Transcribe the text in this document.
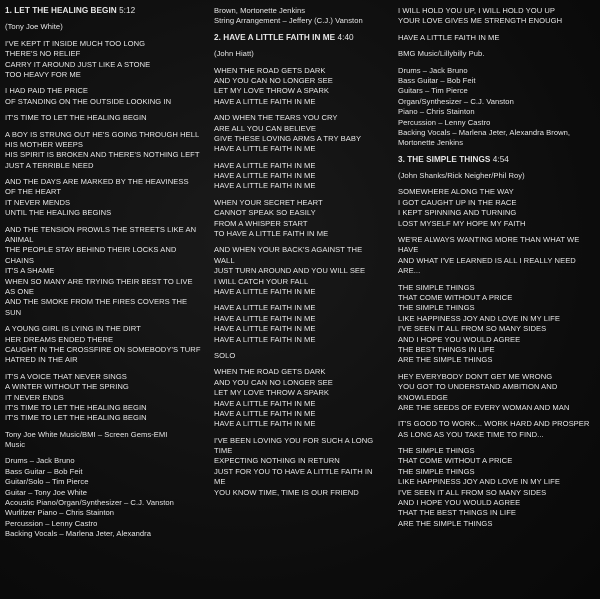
1. LET THE HEALING BEGIN 5:12
(Tony Joe White)
I'VE KEPT IT INSIDE MUCH TOO LONG
THERE'S NO RELIEF
CARRY IT AROUND JUST LIKE A STONE
TOO HEAVY FOR ME
I HAD PAID THE PRICE
OF STANDING ON THE OUTSIDE LOOKING IN
IT'S TIME TO LET THE HEALING BEGIN
A BOY IS STRUNG OUT HE'S GOING THROUGH HELL
HIS MOTHER WEEPS
HIS SPIRIT IS BROKEN AND THERE'S NOTHING LEFT
JUST A TERRIBLE NEED
AND THE DAYS ARE MARKED BY THE HEAVINESS
OF THE HEART
IT NEVER MENDS
UNTIL THE HEALING BEGINS
AND THE TENSION PROWLS THE STREETS LIKE AN
ANIMAL
THE PEOPLE STAY BEHIND THEIR LOCKS AND
CHAINS
IT'S A SHAME
WHEN SO MANY ARE TRYING THEIR BEST TO LIVE
AS ONE
AND THE SMOKE FROM THE FIRES COVERS THE
SUN
A YOUNG GIRL IS LYING IN THE DIRT
HER DREAMS ENDED THERE
CAUGHT IN THE CROSSFIRE ON SOMEBODY'S TURF
HATRED IN THE AIR
IT'S A VOICE THAT NEVER SINGS
A WINTER WITHOUT THE SPRING
IT NEVER ENDS
IT'S TIME TO LET THE HEALING BEGIN
IT'S TIME TO LET THE HEALING BEGIN
Tony Joe White Music/BMI – Screen Gems-EMI
Music
Drums – Jack Bruno
Bass Guitar – Bob Feit
Guitar/Solo – Tim Pierce
Guitar – Tony Joe White
Acoustic Piano/Organ/Synthesizer – C.J. Vanston
Wurlitzer Piano – Chris Stainton
Percussion – Lenny Castro
Backing Vocals – Marlena Jeter, Alexandra
Brown, Mortonette Jenkins
String Arrangement – Jeffery (C.J.) Vanston
2. HAVE A LITTLE FAITH IN ME 4:40
(John Hiatt)
WHEN THE ROAD GETS DARK
AND YOU CAN NO LONGER SEE
LET MY LOVE THROW A SPARK
HAVE A LITTLE FAITH IN ME
AND WHEN THE TEARS YOU CRY
ARE ALL YOU CAN BELIEVE
GIVE THESE LOVING ARMS A TRY BABY
HAVE A LITTLE FAITH IN ME
HAVE A LITTLE FAITH IN ME
HAVE A LITTLE FAITH IN ME
HAVE A LITTLE FAITH IN ME
WHEN YOUR SECRET HEART
CANNOT SPEAK SO EASILY
FROM A WHISPER START
TO HAVE A LITTLE FAITH IN ME
AND WHEN YOUR BACK'S AGAINST THE
WALL
JUST TURN AROUND AND YOU WILL SEE
I WILL CATCH YOUR FALL
HAVE A LITTLE FAITH IN ME
HAVE A LITTLE FAITH IN ME
HAVE A LITTLE FAITH IN ME
HAVE A LITTLE FAITH IN ME
HAVE A LITTLE FAITH IN ME
SOLO
WHEN THE ROAD GETS DARK
AND YOU CAN NO LONGER SEE
LET MY LOVE THROW A SPARK
HAVE A LITTLE FAITH IN ME
HAVE A LITTLE FAITH IN ME
HAVE A LITTLE FAITH IN ME
I'VE BEEN LOVING YOU FOR SUCH A LONG
TIME
EXPECTING NOTHING IN RETURN
JUST FOR YOU TO HAVE A LITTLE FAITH IN
ME
YOU KNOW TIME, TIME IS OUR FRIEND
I WILL HOLD YOU UP, I WILL HOLD YOU UP
YOUR LOVE GIVES ME STRENGTH ENOUGH
HAVE A LITTLE FAITH IN ME
BMG Music/Lillybilly Pub.
Drums – Jack Bruno
Bass Guitar – Bob Feit
Guitars – Tim Pierce
Organ/Synthesizer – C.J. Vanston
Piano – Chris Stainton
Percussion – Lenny Castro
Backing Vocals – Marlena Jeter, Alexandra Brown,
Mortonette Jenkins
3. THE SIMPLE THINGS 4:54
(John Shanks/Rick Neigher/Phil Roy)
SOMEWHERE ALONG THE WAY
I GOT CAUGHT UP IN THE RACE
I KEPT SPINNING AND TURNING
LOST MYSELF MY HOPE MY FAITH
WE'RE ALWAYS WANTING MORE THAN WHAT WE
HAVE
AND WHAT I'VE LEARNED IS ALL I REALLY NEED
ARE...
THE SIMPLE THINGS
THAT COME WITHOUT A PRICE
THE SIMPLE THINGS
LIKE HAPPINESS JOY AND LOVE IN MY LIFE
I'VE SEEN IT ALL FROM SO MANY SIDES
AND I HOPE YOU WOULD AGREE
THE BEST THINGS IN LIFE
ARE THE SIMPLE THINGS
HEY EVERYBODY DON'T GET ME WRONG
YOU GOT TO UNDERSTAND AMBITION AND
KNOWLEDGE
ARE THE SEEDS OF EVERY WOMAN AND MAN
IT'S GOOD TO WORK... WORK HARD AND PROSPER
AS LONG AS YOU TAKE TIME TO FIND...
THE SIMPLE THINGS
THAT COME WITHOUT A PRICE
THE SIMPLE THINGS
LIKE HAPPINESS JOY AND LOVE IN MY LIFE
I'VE SEEN IT ALL FROM SO MANY SIDES
AND I HOPE YOU WOULD AGREE
THAT THE BEST THINGS IN LIFE
ARE THE SIMPLE THINGS
